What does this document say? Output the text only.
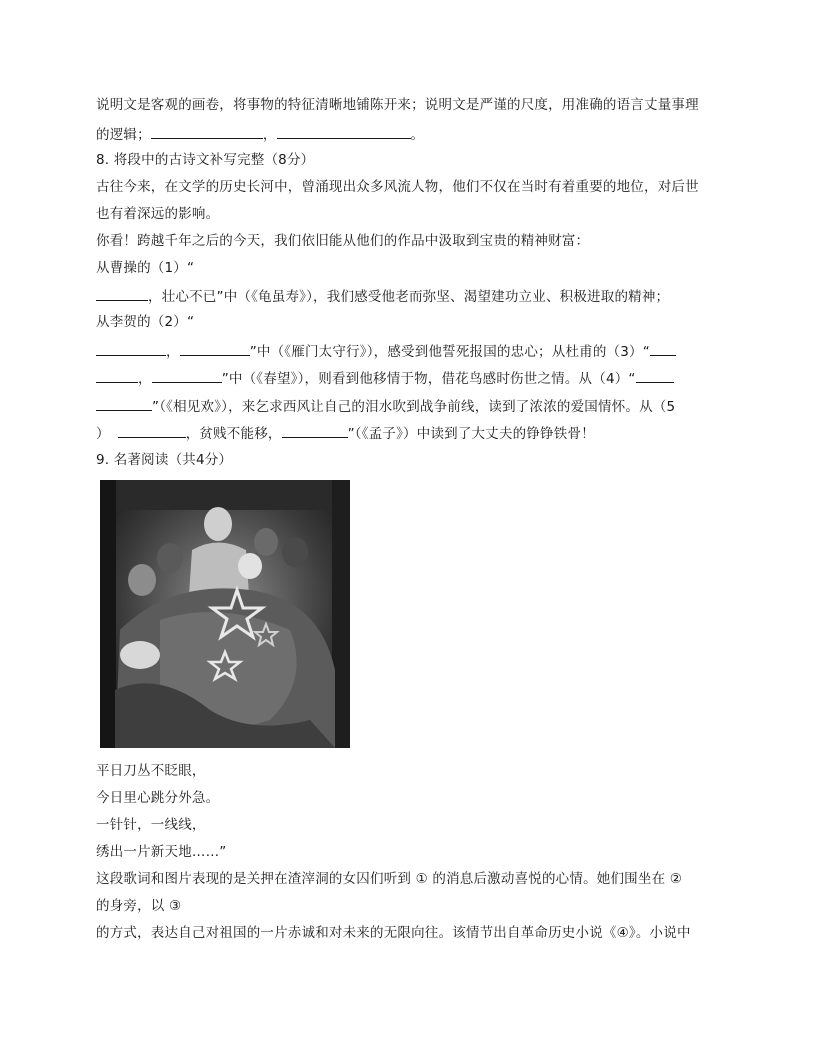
说明文是客观的画卷，将事物的特征清晰地铺陈开来；说明文是严谨的尺度，用准确的语言丈量事理
的逻辑；	，	。
8. 将段中的古诗文补写完整（8分）
古往今来，在文学的历史长河中，曾涌现出众多风流人物，他们不仅在当时有着重要的地位，对后世
也有着深远的影响。
你看！跨越千年之后的今天，我们依旧能从他们的作品中汲取到宝贵的精神财富：
从曹操的（1）“
，壮心不已”中（《龟虽寿》），我们感受他老而弥坚、渴望建功立业、积极进取的精神；
从李贺的（2）“
，	”中（《雁门太守行》），感受到他誓死报国的忠心；从杜甫的（3）“
，	”中（《春望》），则看到他移情于物，借花鸟感时伤世之情。从（4）“
”（《相见欢》），来乞求西风让自己的泪水吹到战争前线，读到了浓浓的爱国情怀。从（5
）	，贫贱不能移，	”（《孟子》）中读到了大丈夫的铮铮铁骨！
9. 名著阅读（共4分）
平日刀丛不眨眼，
今日里心跳分外急。
一针针，一线线，
绣出一片新天地……”
这段歌词和图片表现的是关押在渣滓洞的女囚们听到 ① 的消息后激动喜悦的心情。她们围坐在 ②
的身旁，以 ③
的方式，表达自己对祖国的一片赤诚和对未来的无限向往。该情节出自革命历史小说《④》。小说中
